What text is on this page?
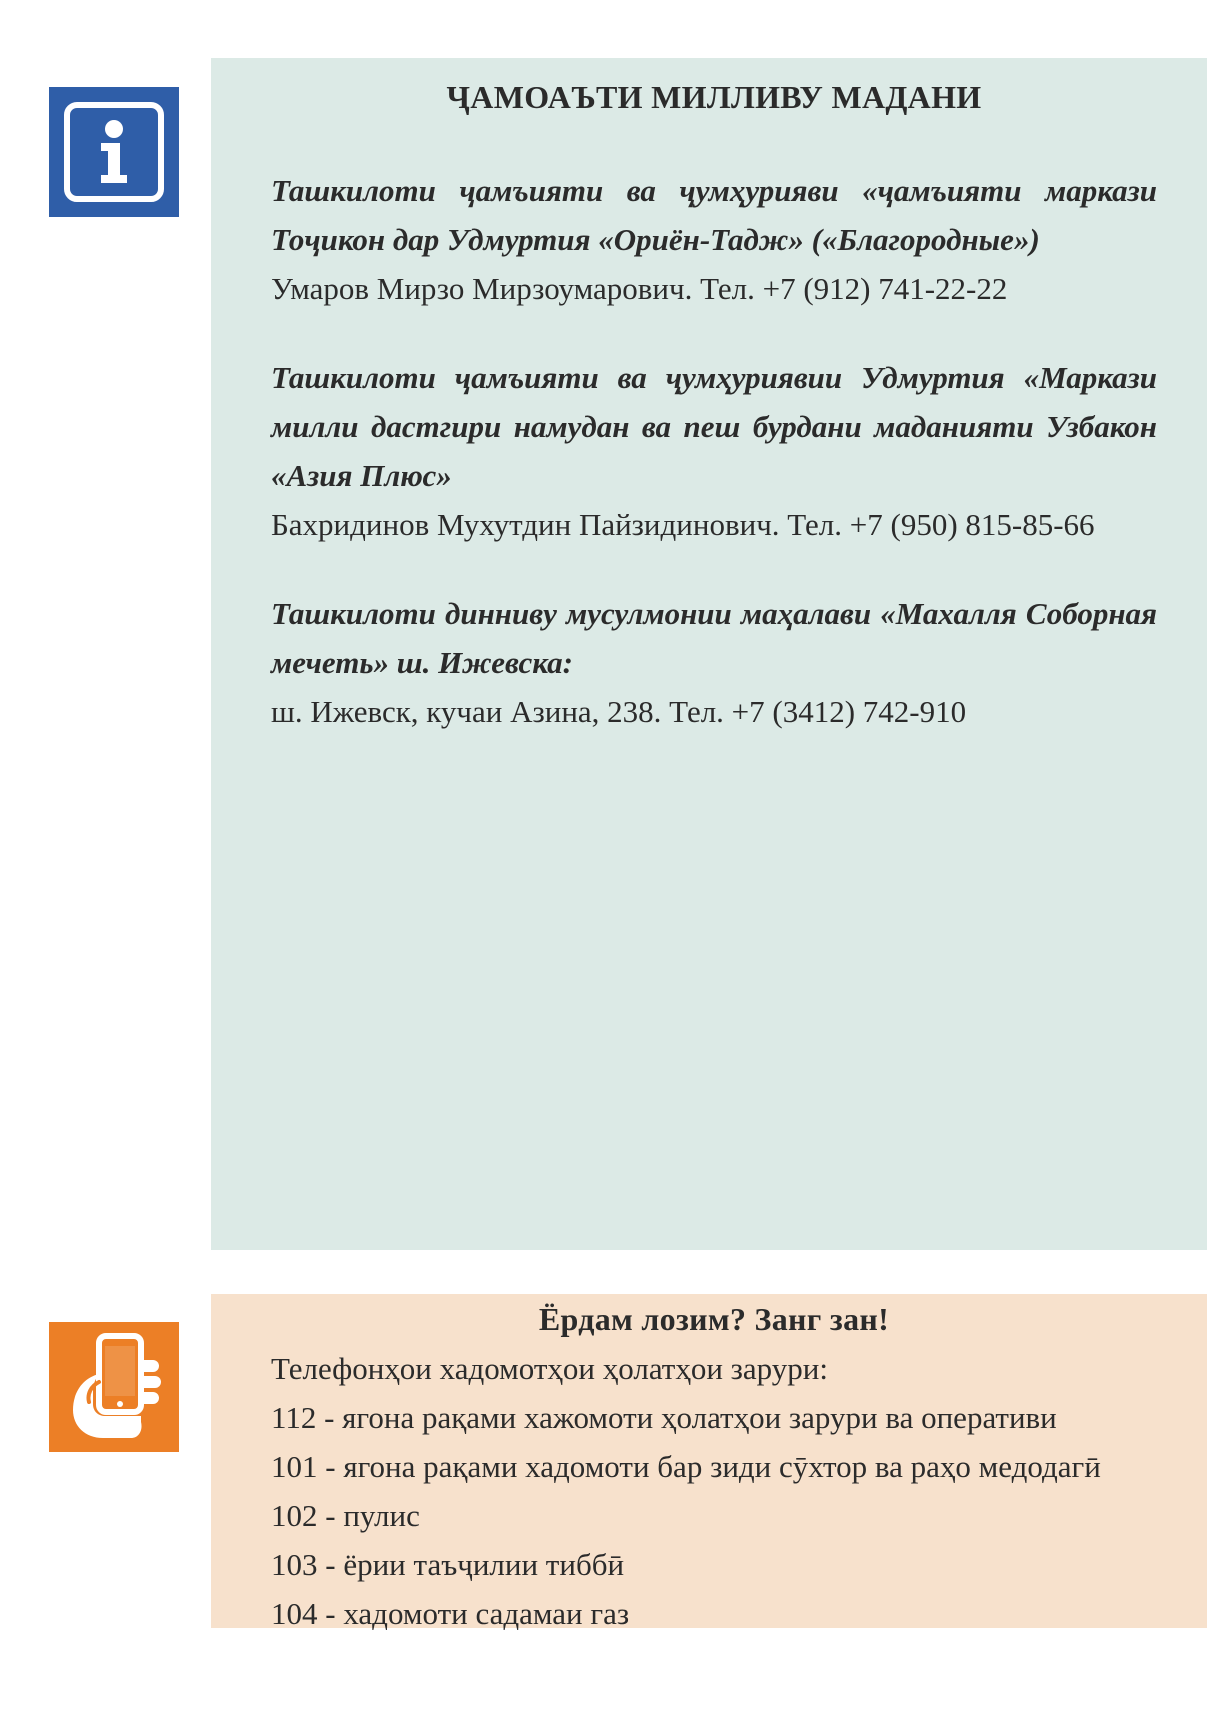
ҶАМОАЪТИ МИЛЛИВУ МАДАНИ

Ташкилоти ҷамъияти ва ҷумҳурияви «ҷамъияти маркази Тоҷикон дар Удмуртия «Ориён-Тадж» («Благородные»)

Умаров Мирзо Мирзоумарович. Тел. +7 (912) 741-22-22

Ташкилоти ҷамъияти ва ҷумҳуриявии Удмуртия «Маркази милли дастгири намудан ва пеш бурдани маданияти Узбакон «Азия Плюс»

Бахридинов Мухутдин Пайзидинович. Тел. +7 (950) 815-85-66

Ташкилоти динниву мусулмонии маҳалави «Махалля Соборная мечеть» ш. Ижевска:

ш. Ижевск, кучаи Азина, 238. Тел. +7 (3412) 742-910

Ёрдам лозим? Занг зан!

Телефонҳои хадомотҳои ҳолатҳои зарури:

112 - ягона рақами хажомоти ҳолатҳои зарури ва оперативи

101 - ягона рақами хадомоти бар зиди сӯхтор ва раҳо медодагӣ

102 - пулис

103 - ёрии таъҷилии тиббӣ

104 - хадомоти садамаи газ
